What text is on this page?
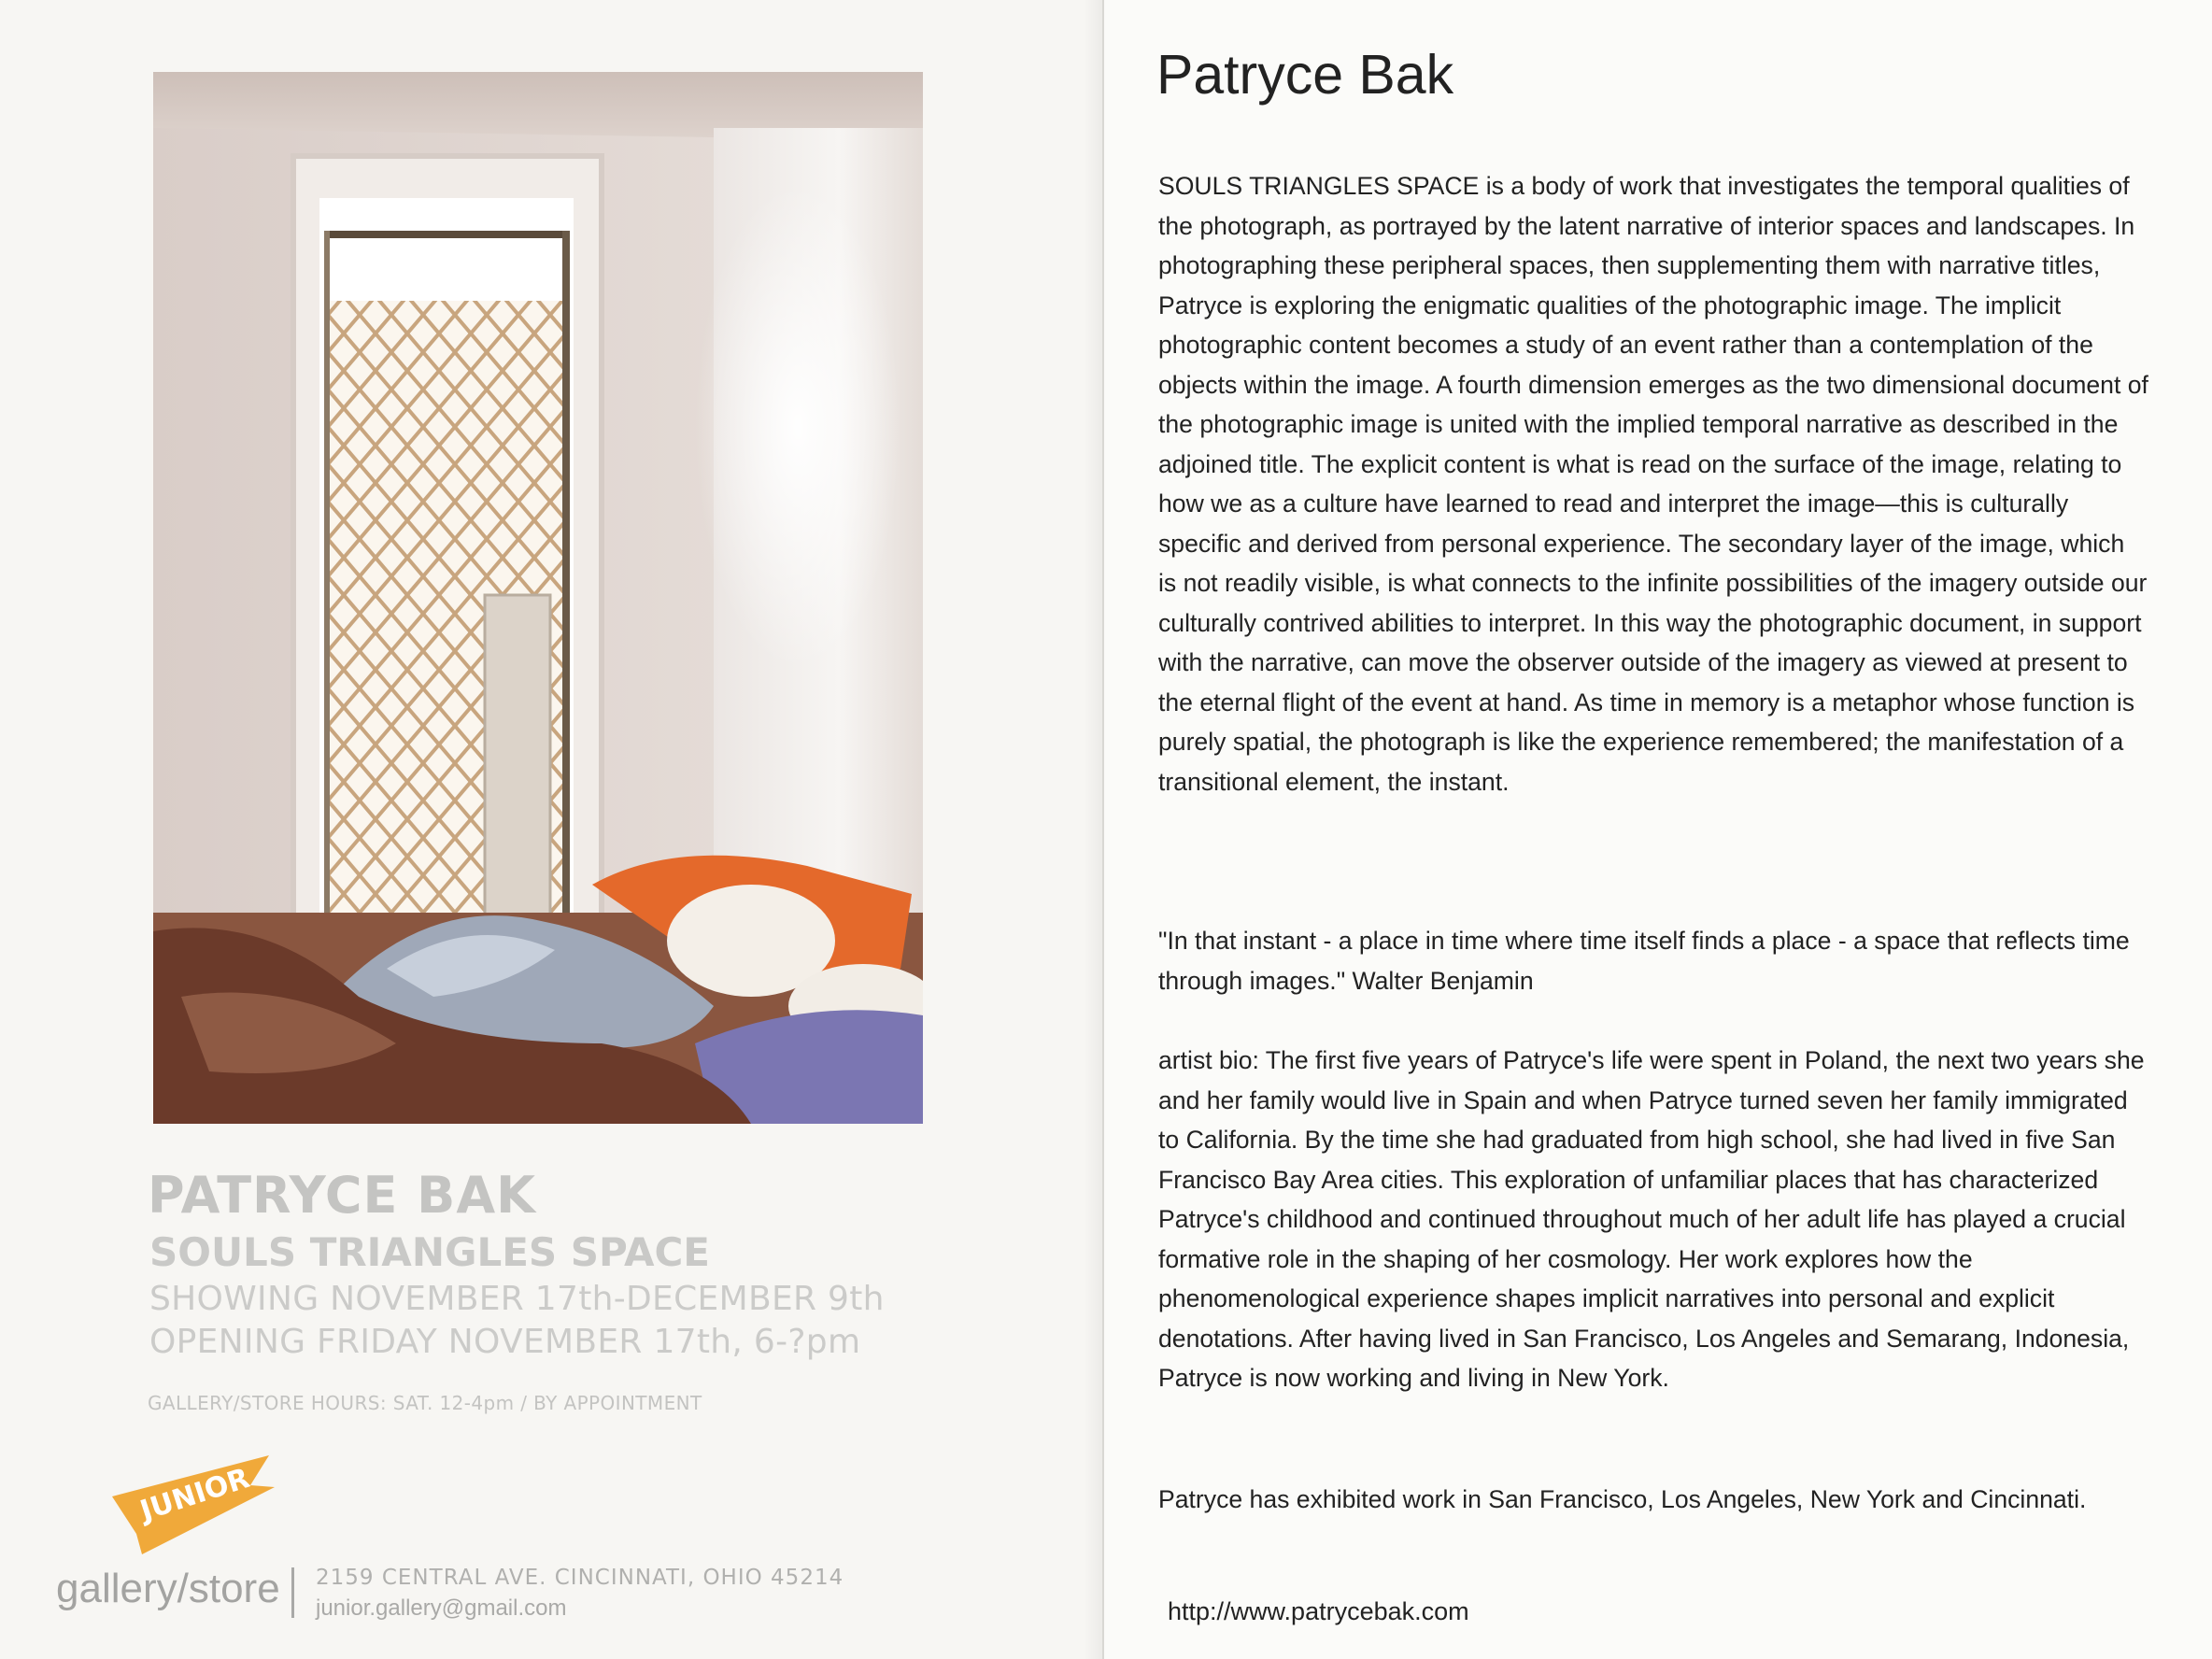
PATRYCE BAK
SOULS TRIANGLES SPACE
SHOWING NOVEMBER 17th-DECEMBER 9th
OPENING FRIDAY NOVEMBER 17th, 6-?pm
GALLERY/STORE HOURS: SAT. 12-4pm / BY APPOINTMENT
JUNIOR
gallery/store 2159 CENTRAL AVE. CINCINNATI, OHIO 45214
junior.gallery@gmail.com
Patryce Bak

SOULS TRIANGLES SPACE is a body of work that investigates the temporal qualities of the photograph, as portrayed by the latent narrative of interior spaces and landscapes. In photographing these peripheral spaces, then supplementing them with narrative titles, Patryce is exploring the enigmatic qualities of the photographic image. The implicit photographic content becomes a study of an event rather than a contemplation of the objects within the image. A fourth dimension emerges as the two dimensional document of the photographic image is united with the implied temporal narrative as described in the adjoined title. The explicit content is what is read on the surface of the image, relating to how we as a culture have learned to read and interpret the image—this is culturally specific and derived from personal experience. The secondary layer of the image, which is not readily visible, is what connects to the infinite possibilities of the imagery outside our culturally contrived abilities to interpret. In this way the photographic document, in support with the narrative, can move the observer outside of the imagery as viewed at present to the eternal flight of the event at hand. As time in memory is a metaphor whose function is purely spatial, the photograph is like the experience remembered; the manifestation of a transitional element, the instant.

"In that instant - a place in time where time itself finds a place - a space that reflects time through images." Walter Benjamin

artist bio: The first five years of Patryce's life were spent in Poland, the next two years she and her family would live in Spain and when Patryce turned seven her family immigrated to California. By the time she had graduated from high school, she had lived in five San Francisco Bay Area cities. This exploration of unfamiliar places that has characterized Patryce's childhood and continued throughout much of her adult life has played a crucial formative role in the shaping of her cosmology. Her work explores how the phenomenological experience shapes implicit narratives into personal and explicit denotations. After having lived in San Francisco, Los Angeles and Semarang, Indonesia, Patryce is now working and living in New York.

Patryce has exhibited work in San Francisco, Los Angeles, New York and Cincinnati.

http://www.patrycebak.com
